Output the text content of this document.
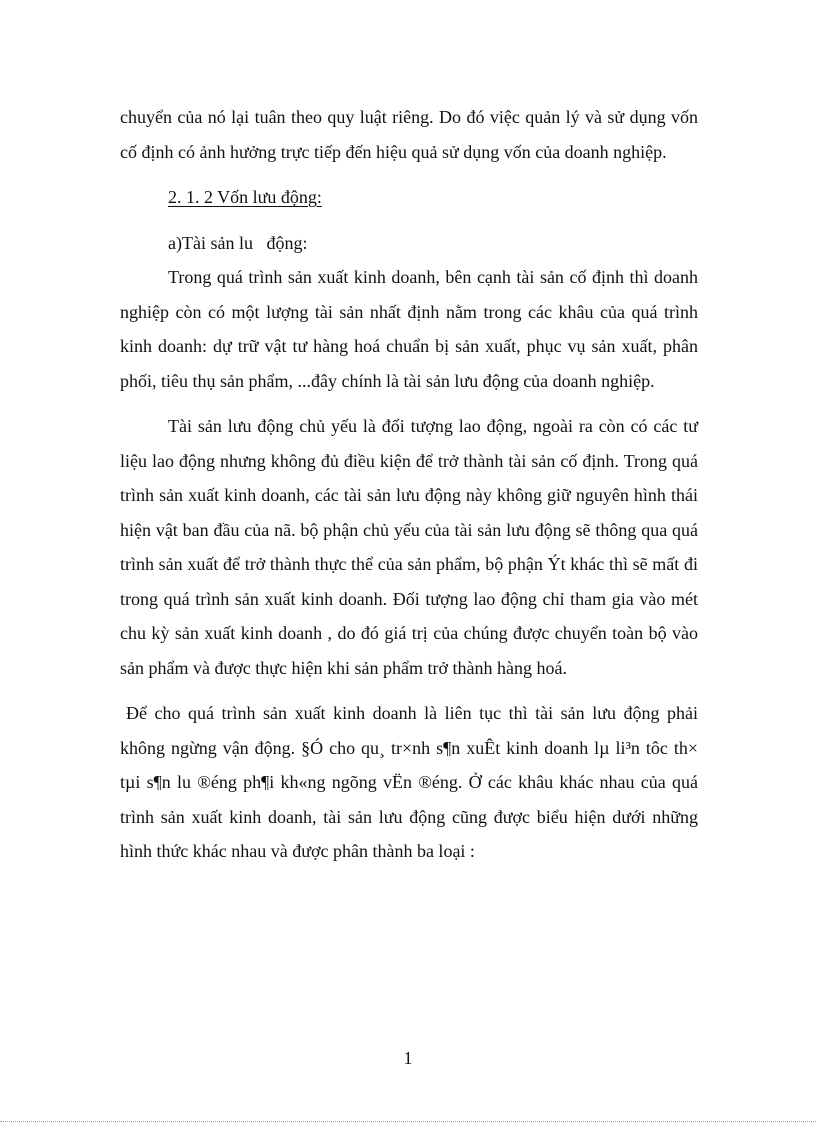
chuyển của nó lại tuân theo quy luật riêng. Do đó việc quản lý và sử dụng vốn cố định có ảnh hưởng trực tiếp đến hiệu quả sử dụng vốn của doanh nghiệp.

2. 1. 2 Vốn lưu động:

a)Tài sản lu   động:

Trong quá trình sản xuất kinh doanh, bên cạnh tài sản cố định thì doanh nghiệp còn có một lượng tài sản nhất định nằm trong các khâu của quá trình kinh doanh: dự trữ vật tư hàng hoá chuẩn bị sản xuất, phục vụ sản xuất, phân phối, tiêu thụ sản phẩm, ...đây chính là tài sản lưu động của doanh nghiệp.

Tài sản lưu động chủ yếu là đối tượng lao động, ngoài ra còn có các tư liệu lao động nhưng không đủ điều kiện để trở thành tài sản cố định. Trong quá trình sản xuất kinh doanh, các tài sản lưu động này không giữ nguyên hình thái hiện vật ban đầu của nã. bộ phận chủ yếu của tài sản lưu động sẽ thông qua quá trình sản xuất để trở thành thực thể của sản phẩm, bộ phận Ýt khác thì sẽ mất đi trong quá trình sản xuất kinh doanh. Đối tượng lao động chỉ tham gia vào mét chu kỳ sản xuất kinh doanh , do đó giá trị của chúng được chuyển toàn bộ vào sản phẩm và được thực hiện khi sản phẩm trở thành hàng hoá.

Để cho quá trình sản xuất kinh doanh là liên tục thì tài sản lưu động phải không ngừng vận động. §Ó cho qu¸ tr×nh s¶n xuÊt kinh doanh lµ li³n tôc th× tµi s¶n lu ®éng ph¶i kh«ng ngõng vËn ®éng. Ở các khâu khác nhau của quá trình sản xuất kinh doanh, tài sản lưu động cũng được biểu hiện dưới những hình thức khác nhau và được phân thành ba loại :

1
